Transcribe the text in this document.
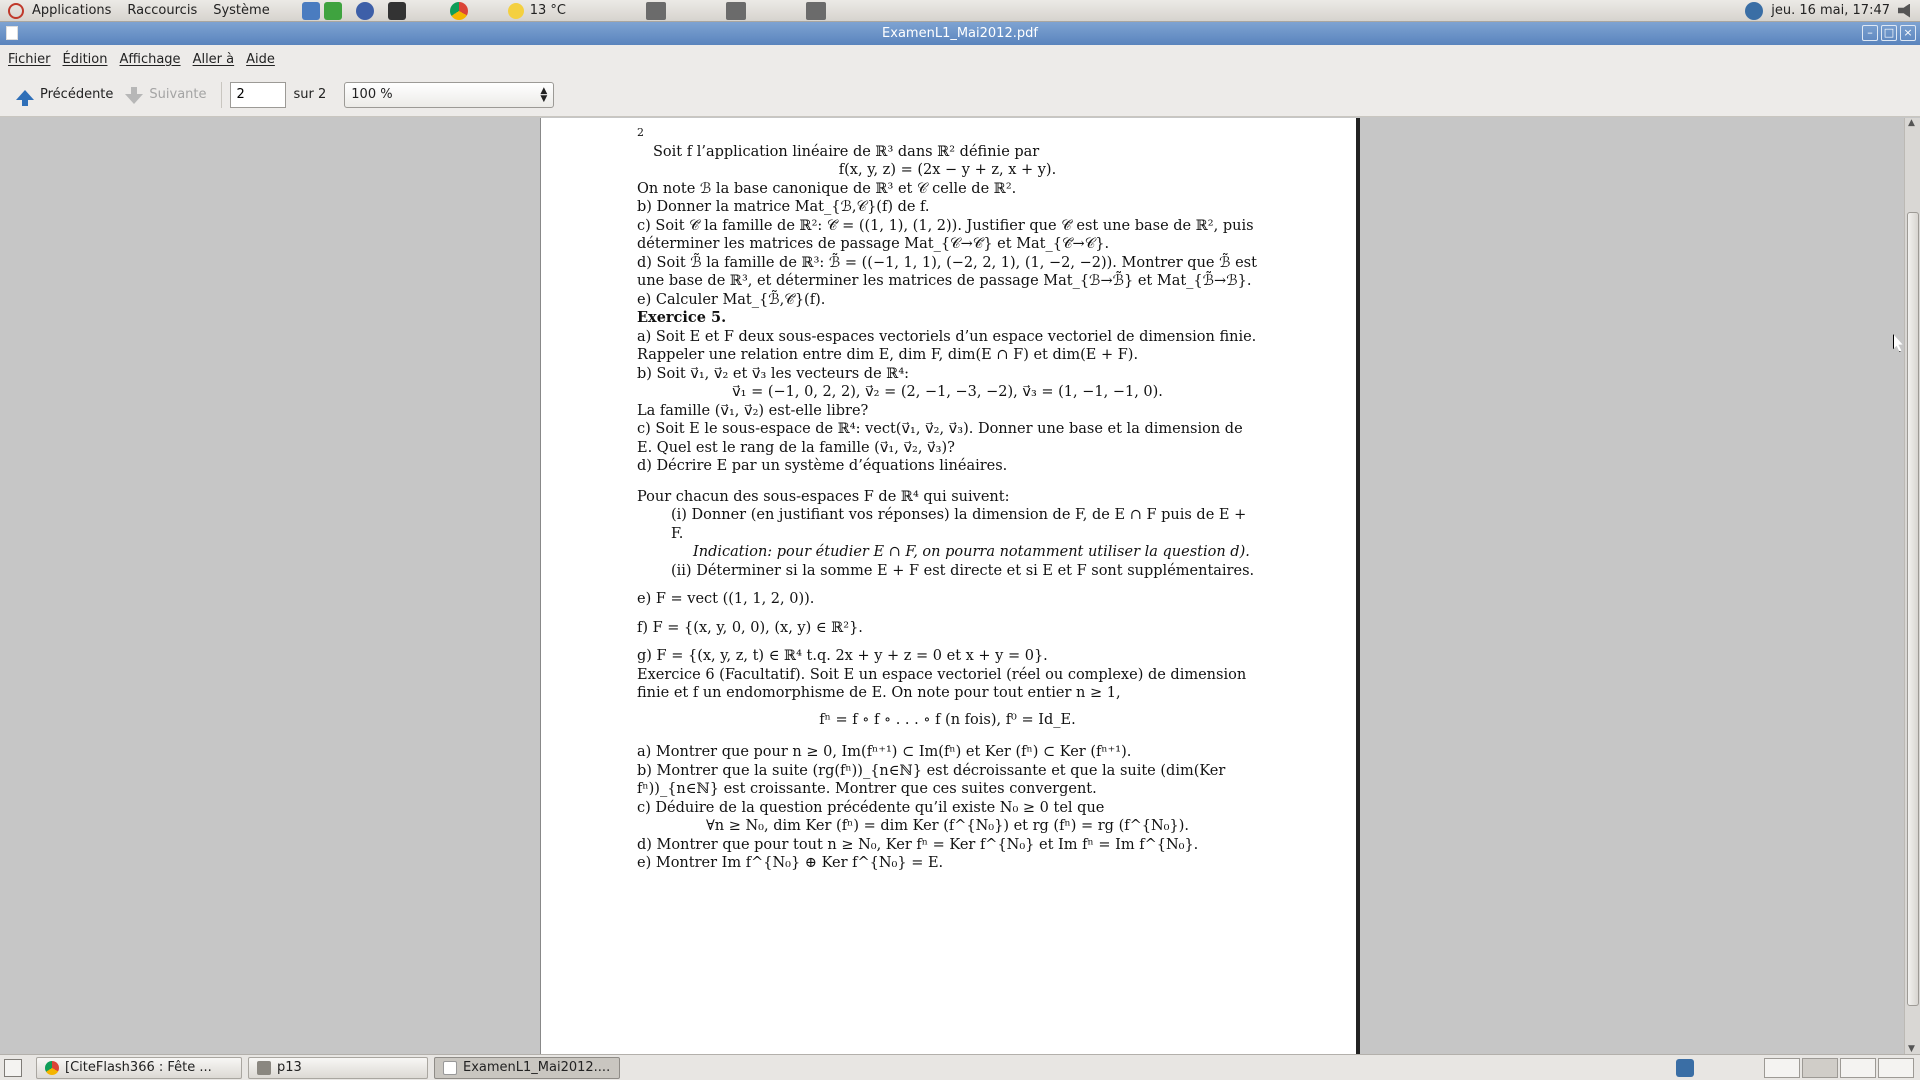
Applications	Raccourcis	Système	13 °C	jeu. 16 mai, 17:47
ExamenL1_Mai2012.pdf	–	□ ×
Fichier Édition Affichage Aller à Aide
Précédente	Suivante
2	sur 2 100 %	▲
▼

2

Soit f l’application linéaire de ℝ³ dans ℝ² définie par

f(x, y, z) = (2x − y + z, x + y).

On note ℬ la base canonique de ℝ³ et 𝒞 celle de ℝ².

b) Donner la matrice Mat_{ℬ,𝒞}(f) de f.

c) Soit 𝒞̃ la famille de ℝ²: 𝒞̃ = ((1, 1), (1, 2)). Justifier que 𝒞̃ est une base de ℝ², puis déterminer les matrices de passage Mat_{𝒞→𝒞̃} et Mat_{𝒞̃→𝒞}.

d) Soit ℬ̃ la famille de ℝ³: ℬ̃ = ((−1, 1, 1), (−2, 2, 1), (1, −2, −2)). Montrer que ℬ̃ est une base de ℝ³, et déterminer les matrices de passage Mat_{ℬ→ℬ̃} et Mat_{ℬ̃→ℬ}.

e) Calculer Mat_{ℬ̃,𝒞̃}(f).

Exercice 5.

a) Soit E et F deux sous-espaces vectoriels d’un espace vectoriel de dimension finie. Rappeler une relation entre dim E, dim F, dim(E ∩ F) et dim(E + F).

b) Soit v⃗₁, v⃗₂ et v⃗₃ les vecteurs de ℝ⁴:

v⃗₁ = (−1, 0, 2, 2), v⃗₂ = (2, −1, −3, −2), v⃗₃ = (1, −1, −1, 0).

La famille (v⃗₁, v⃗₂) est-elle libre?

c) Soit E le sous-espace de ℝ⁴: vect(v⃗₁, v⃗₂, v⃗₃). Donner une base et la dimension de E. Quel est le rang de la famille (v⃗₁, v⃗₂, v⃗₃)?

d) Décrire E par un système d’équations linéaires.

Pour chacun des sous-espaces F de ℝ⁴ qui suivent:

(i) Donner (en justifiant vos réponses) la dimension de F, de E ∩ F puis de E + F.

Indication: pour étudier E ∩ F, on pourra notamment utiliser la question d).

(ii) Déterminer si la somme E + F est directe et si E et F sont supplémentaires.

e) F = vect ((1, 1, 2, 0)).

f) F = {(x, y, 0, 0), (x, y) ∈ ℝ²}.

g) F = {(x, y, z, t) ∈ ℝ⁴ t.q. 2x + y + z = 0 et x + y = 0}.

Exercice 6 (Facultatif). Soit E un espace vectoriel (réel ou complexe) de dimension finie et f un endomorphisme de E. On note pour tout entier n ≥ 1,

fⁿ = f ∘ f ∘ . . . ∘ f (n fois), f⁰ = Id_E.

a) Montrer que pour n ≥ 0, Im(fⁿ⁺¹) ⊂ Im(fⁿ) et Ker (fⁿ) ⊂ Ker (fⁿ⁺¹).

b) Montrer que la suite (rg(fⁿ))_{n∈ℕ} est décroissante et que la suite (dim(Ker fⁿ))_{n∈ℕ} est croissante. Montrer que ces suites convergent.

c) Déduire de la question précédente qu’il existe N₀ ≥ 0 tel que

∀n ≥ N₀, dim Ker (fⁿ) = dim Ker (f^{N₀}) et rg (fⁿ) = rg (f^{N₀}).

d) Montrer que pour tout n ≥ N₀, Ker fⁿ = Ker f^{N₀} et Im fⁿ = Im f^{N₀}.

e) Montrer Im f^{N₀} ⊕ Ker f^{N₀} = E.

▲
▼
[CiteFlash366 : Fête ...	p13	ExamenL1_Mai2012....
